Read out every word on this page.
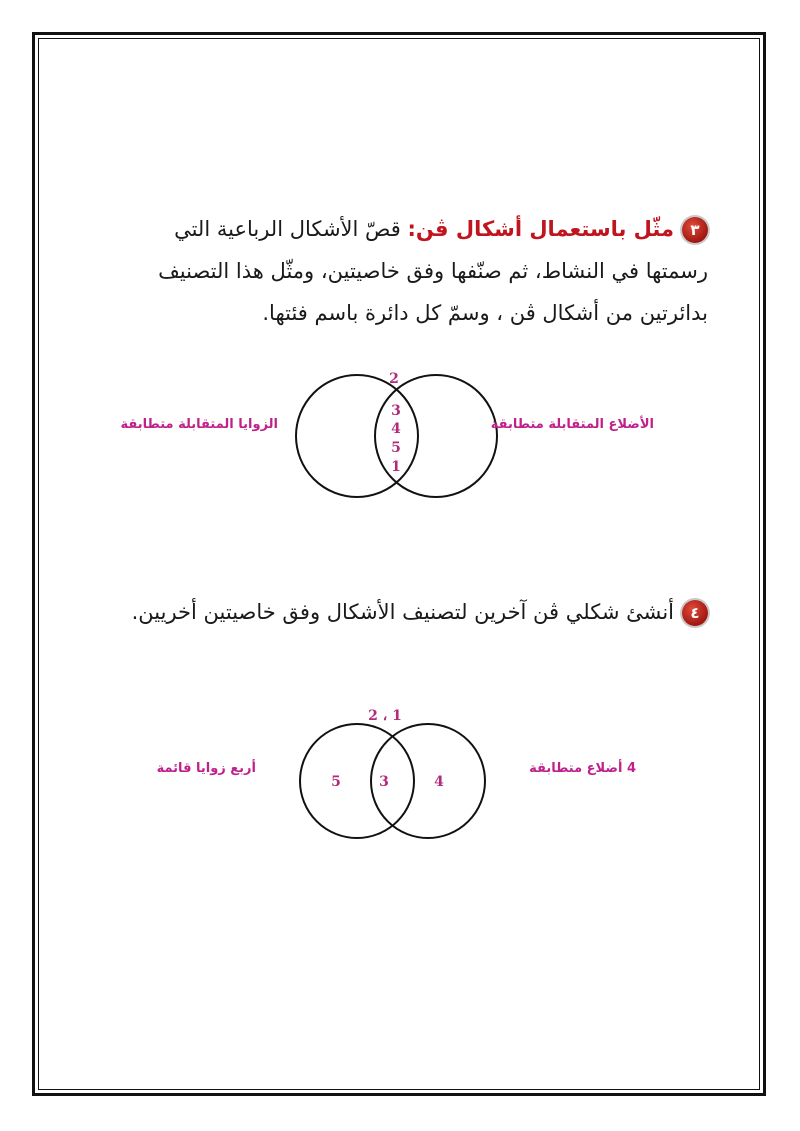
٣مثّل باستعمال أشكال ڤن: قصّ الأشكال الرباعية التي رسمتها في النشاط، ثم صنّفها وفق خاصيتين، ومثّل هذا التصنيف بدائرتين من أشكال ڤن ، وسمّ كل دائرة باسم فئتها.
2
3
4
5
1
1 ، 2
5	3	4
الزوايا المتقابلة متطابقة	الأضلاع المتقابلة متطابقة
٤أنشئ شكلي ڤن آخرين لتصنيف الأشكال وفق خاصيتين أخريين.
أربع زوايا قائمة	4 أضلاع متطابقة
